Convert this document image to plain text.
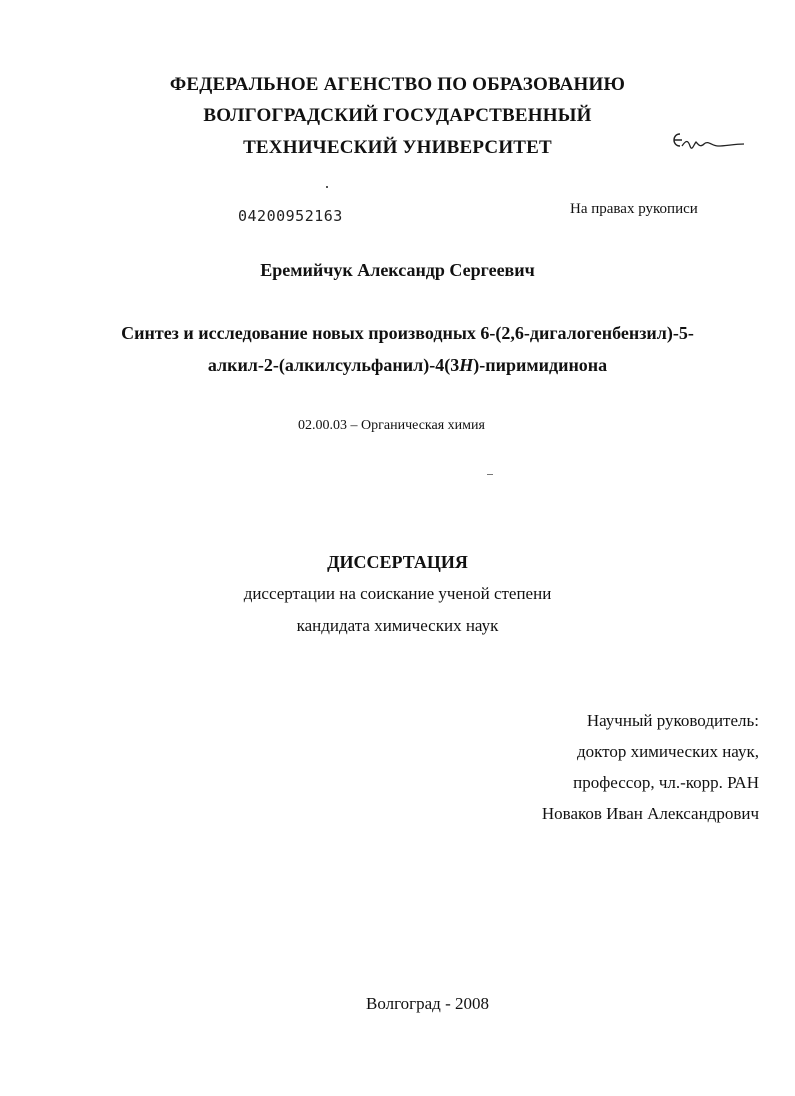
ФЕДЕРАЛЬНОЕ АГЕНСТВО ПО ОБРАЗОВАНИЮ
ВОЛГОГРАДСКИЙ ГОСУДАРСТВЕННЫЙ
ТЕХНИЧЕСКИЙ УНИВЕРСИТЕТ
04200952163	На правах рукописи
Еремийчук Александр Сергеевич
Синтез и исследование новых производных 6-(2,6-дигалогенбензил)-5-
алкил-2-(алкилсульфанил)-4(3H)-пиримидинона
02.00.03 – Органическая химия
ДИССЕРТАЦИЯ
диссертации на соискание ученой степени
кандидата химических наук
Научный руководитель:
доктор химических наук,
профессор, чл.-корр. РАН
Новаков Иван Александрович
Волгоград - 2008
